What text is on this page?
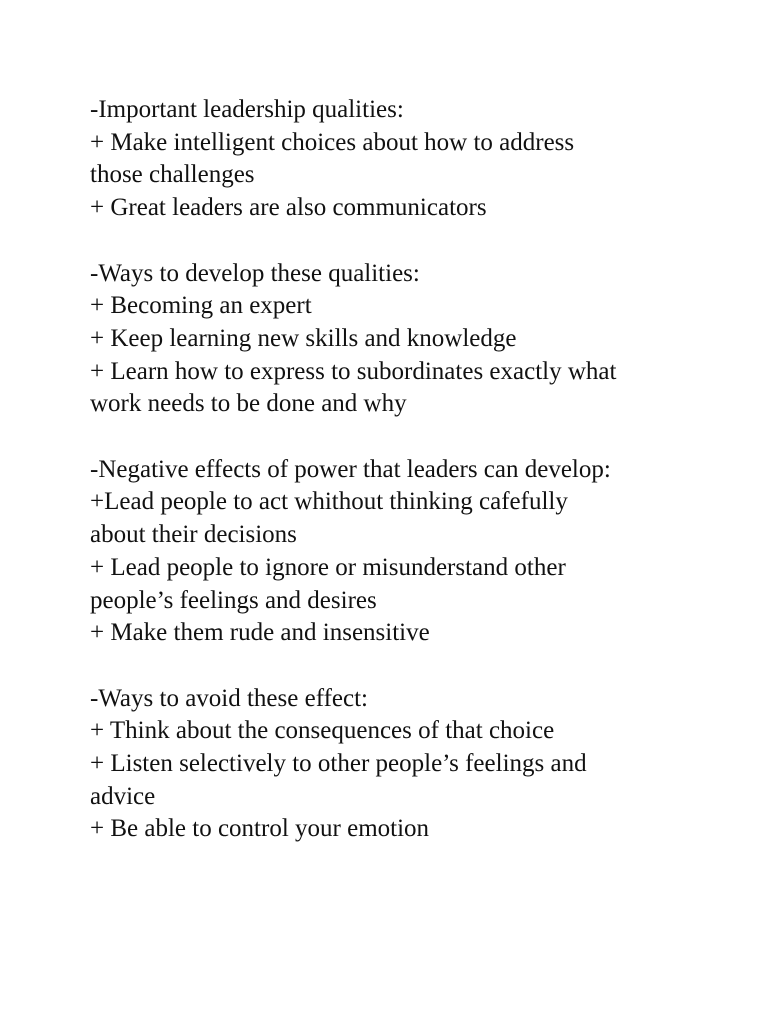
-Important leadership qualities:
+ Make intelligent choices about how to address
those challenges
+ Great leaders are also communicators
-Ways to develop these qualities:
+ Becoming an expert
+ Keep learning new skills and knowledge
+ Learn how to express to subordinates exactly what
work needs to be done and why
-Negative effects of power that leaders can develop:
+Lead people to act whithout thinking cafefully
about their decisions
+ Lead people to ignore or misunderstand other
people’s feelings and desires
+ Make them rude and insensitive
-Ways to avoid these effect:
+ Think about the consequences of that choice
+ Listen selectively to other people’s feelings and
advice
+ Be able to control your emotion
